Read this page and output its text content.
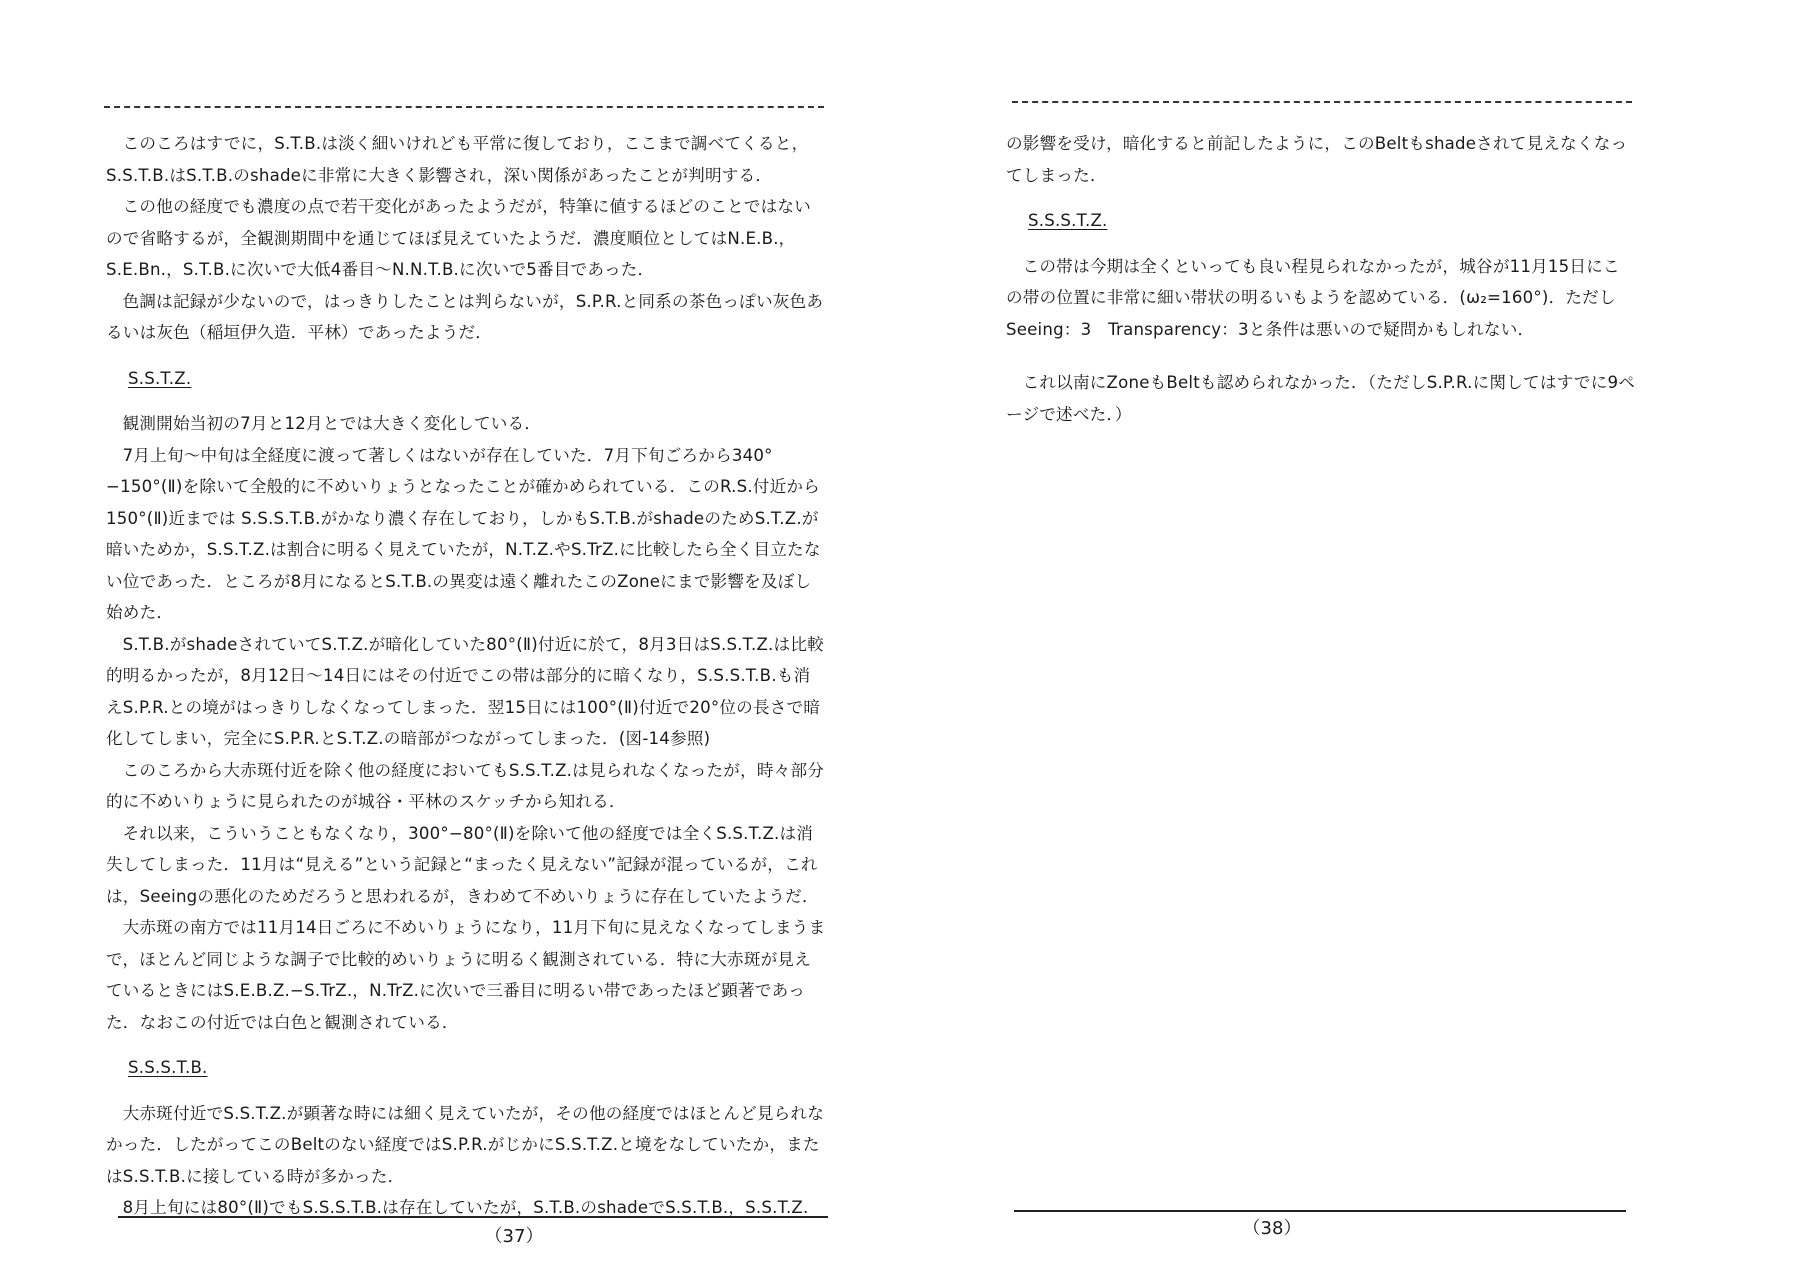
このころはすでに，S.T.B.は淡く細いけれども平常に復しており，ここまで調べてくると，S.S.T.B.はS.T.B.のshadeに非常に大きく影響され，深い関係があったことが判明する．

この他の経度でも濃度の点で若干変化があったようだが，特筆に値するほどのことではないので省略するが，全観測期間中を通じてほぼ見えていたようだ．濃度順位としてはN.E.B.，S.E.Bn.，S.T.B.に次いで大低4番目〜N.N.T.B.に次いで5番目であった．

色調は記録が少ないので，はっきりしたことは判らないが，S.P.R.と同系の茶色っぽい灰色あるいは灰色（稲垣伊久造．平林）であったようだ．

S.S.T.Z.

観測開始当初の7月と12月とでは大きく変化している．

7月上旬〜中旬は全経度に渡って著しくはないが存在していた．7月下旬ごろから340°−150°(Ⅱ)を除いて全般的に不めいりょうとなったことが確かめられている．このR.S.付近から150°(Ⅱ)近までは S.S.S.T.B.がかなり濃く存在しており，しかもS.T.B.がshadeのためS.T.Z.が暗いためか，S.S.T.Z.は割合に明るく見えていたが，N.T.Z.やS.TrZ.に比較したら全く目立たない位であった．ところが8月になるとS.T.B.の異変は遠く離れたこのZoneにまで影響を及ぼし始めた．

S.T.B.がshadeされていてS.T.Z.が暗化していた80°(Ⅱ)付近に於て，8月3日はS.S.T.Z.は比較的明るかったが，8月12日〜14日にはその付近でこの帯は部分的に暗くなり，S.S.S.T.B.も消えS.P.R.との境がはっきりしなくなってしまった．翌15日には100°(Ⅱ)付近で20°位の長さで暗化してしまい，完全にS.P.R.とS.T.Z.の暗部がつながってしまった．(図-14参照)

このころから大赤斑付近を除く他の経度においてもS.S.T.Z.は見られなくなったが，時々部分的に不めいりょうに見られたのが城谷・平林のスケッチから知れる．

それ以来，こういうこともなくなり，300°−80°(Ⅱ)を除いて他の経度では全くS.S.T.Z.は消失してしまった．11月は“見える”という記録と“まったく見えない”記録が混っているが，これは，Seeingの悪化のためだろうと思われるが，きわめて不めいりょうに存在していたようだ．

大赤斑の南方では11月14日ごろに不めいりょうになり，11月下旬に見えなくなってしまうまで，ほとんど同じような調子で比較的めいりょうに明るく観測されている．特に大赤斑が見えているときにはS.E.B.Z.−S.TrZ.，N.TrZ.に次いで三番目に明るい帯であったほど顕著であった．なおこの付近では白色と観測されている．

S.S.S.T.B.

大赤斑付近でS.S.T.Z.が顕著な時には細く見えていたが，その他の経度ではほとんど見られなかった．したがってこのBeltのない経度ではS.P.R.がじかにS.S.T.Z.と境をなしていたか，またはS.S.T.B.に接している時が多かった．

8月上旬には80°(Ⅱ)でもS.S.S.T.B.は存在していたが，S.T.B.のshadeでS.S.T.B.，S.S.T.Z.

（37）

の影響を受け，暗化すると前記したように，このBeltもshadeされて見えなくなってしまった．

S.S.S.T.Z.

この帯は今期は全くといっても良い程見られなかったが，城谷が11月15日にこの帯の位置に非常に細い帯状の明るいもようを認めている．(ω₂=160°)．ただしSeeing：3　Transparency：3と条件は悪いので疑問かもしれない．

これ以南にZoneもBeltも認められなかった．（ただしS.P.R.に関してはすでに9ページで述べた．）

（38）
